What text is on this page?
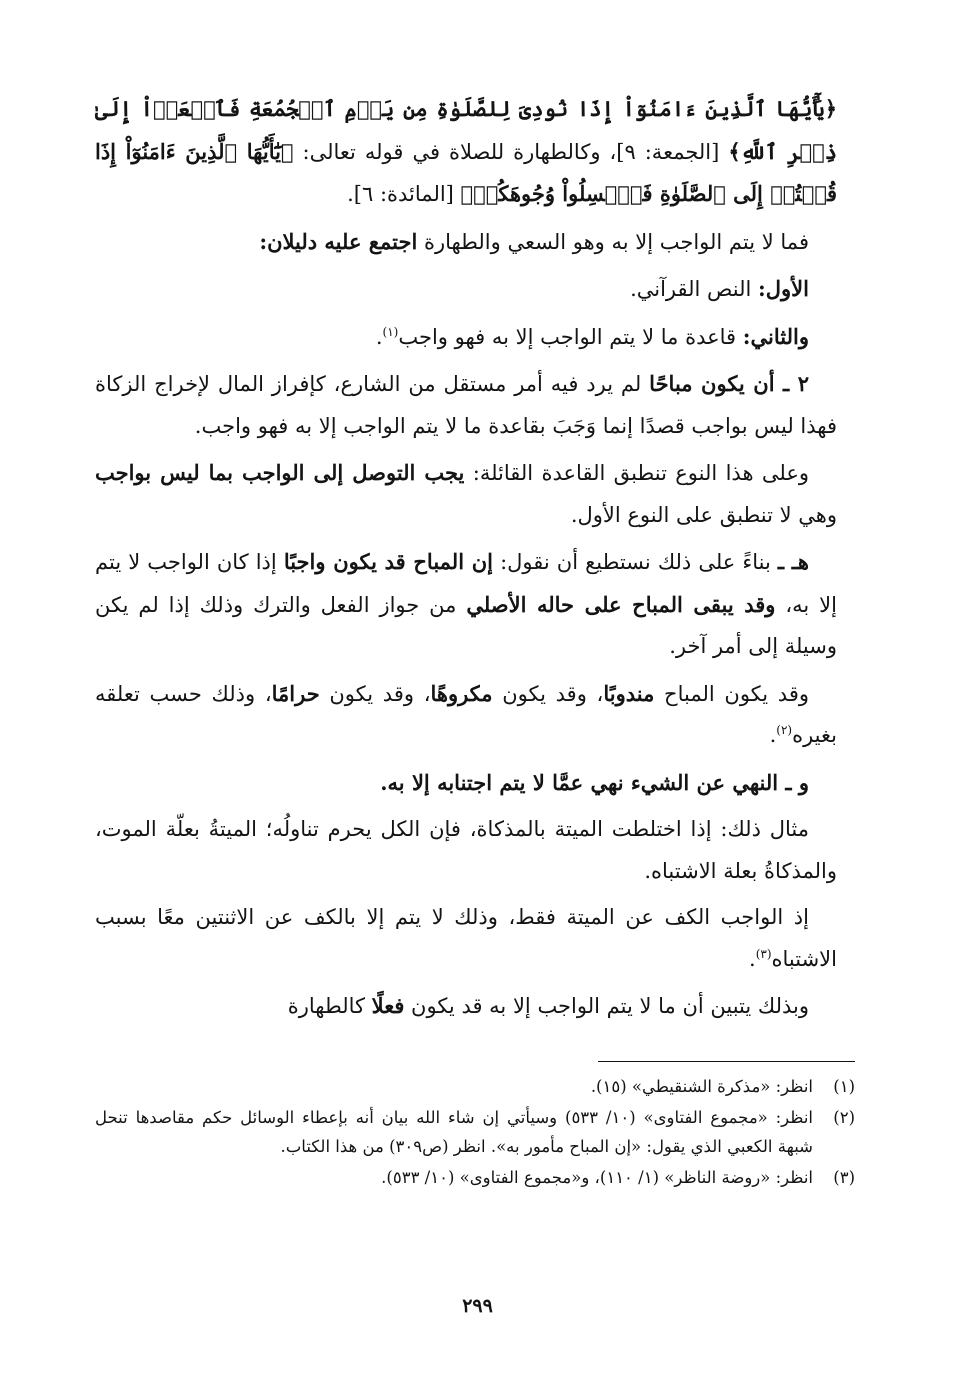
﴿يَٰٓأَيُّهَا ٱلَّذِينَ ءَامَنُوٓاْ إِذَا نُودِىَ لِلصَّلَوٰةِ مِن يَوۡمِ ٱلۡجُمُعَةِ فَٱسۡعَوۡاْ إِلَىٰ ذِكۡرِ ٱللَّهِ﴾ [الجمعة: ٩]، وكالطهارة للصلاة في قوله تعالى: ﴿يَٰٓأَيُّهَا ٱلَّذِينَ ءَامَنُوٓاْ إِذَا قُمۡتُمۡ إِلَى ٱلصَّلَوٰةِ فَٱغۡسِلُواْ وُجُوهَكُمۡ﴾ [المائدة: ٦].

فما لا يتم الواجب إلا به وهو السعي والطهارة اجتمع عليه دليلان:

الأول: النص القرآني.

والثاني: قاعدة ما لا يتم الواجب إلا به فهو واجب$^{(١)}$.

٢ ـ أن يكون مباحًا لم يرد فيه أمر مستقل من الشارع، كإفراز المال لإخراج الزكاة فهذا ليس بواجب قصدًا إنما وَجَبَ بقاعدة ما لا يتم الواجب إلا به فهو واجب.

وعلى هذا النوع تنطبق القاعدة القائلة: يجب التوصل إلى الواجب بما ليس بواجب وهي لا تنطبق على النوع الأول.

هـ ـ بناءً على ذلك نستطيع أن نقول: إن المباح قد يكون واجبًا إذا كان الواجب لا يتم إلا به، وقد يبقى المباح على حاله الأصلي من جواز الفعل والترك وذلك إذا لم يكن وسيلة إلى أمر آخر.

وقد يكون المباح مندوبًا، وقد يكون مكروهًا، وقد يكون حرامًا، وذلك حسب تعلقه بغيره$^{(٢)}$.

و ـ النهي عن الشيء نهي عمَّا لا يتم اجتنابه إلا به.

مثال ذلك: إذا اختلطت الميتة بالمذكاة، فإن الكل يحرم تناولُه؛ الميتةُ بعلّة الموت، والمذكاةُ بعلة الاشتباه.

إذ الواجب الكف عن الميتة فقط، وذلك لا يتم إلا بالكف عن الاثنتين معًا بسبب الاشتباه$^{(٣)}$.

وبذلك يتبين أن ما لا يتم الواجب إلا به قد يكون فعلًا كالطهارة

(١)
انظر: «مذكرة الشنقيطي» (١٥).
(٢)
انظر: «مجموع الفتاوى» (١٠/ ٥٣٣) وسيأتي إن شاء الله بيان أنه بإعطاء الوسائل حكم مقاصدها تنحل شبهة الكعبي الذي يقول: «إن المباح مأمور به». انظر (ص٣٠٩) من هذا الكتاب.
(٣)
انظر: «روضة الناظر» (١/ ١١٠)، و«مجموع الفتاوى» (١٠/ ٥٣٣).
٢٩٩
